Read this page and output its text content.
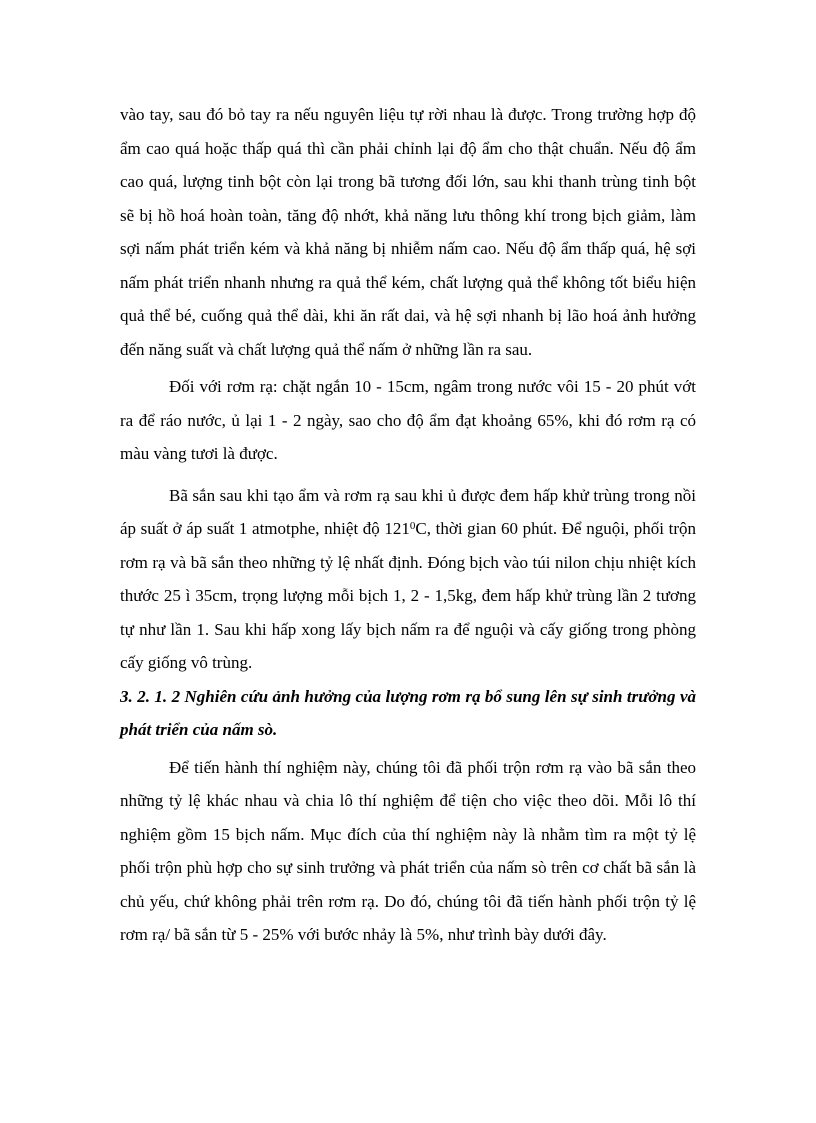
vào tay, sau đó bỏ tay ra nếu nguyên liệu tự rời nhau là được. Trong trường hợp độ ẩm cao quá hoặc thấp quá thì cần phải chỉnh lại độ ẩm cho thật chuẩn. Nếu độ ẩm cao quá, lượng tinh bột còn lại trong bã tương đối lớn, sau khi thanh trùng tinh bột sẽ bị hồ hoá hoàn toàn, tăng độ nhớt, khả năng lưu thông khí trong bịch giảm, làm sợi nấm phát triển kém và khả năng bị nhiễm nấm cao. Nếu độ ẩm thấp quá, hệ sợi nấm phát triển nhanh nhưng ra quả thể kém, chất lượng quả thể không tốt biểu hiện quả thể bé, cuống quả thể dài, khi ăn rất dai, và hệ sợi nhanh bị lão hoá ảnh hưởng đến năng suất và chất lượng quả thể nấm ở những lần ra sau.

Đối với rơm rạ: chặt ngắn 10 - 15cm, ngâm trong nước vôi 15 - 20 phút vớt ra để ráo nước, ủ lại 1 - 2 ngày, sao cho độ ẩm đạt khoảng 65%, khi đó rơm rạ có màu vàng tươi là được.

Bã sắn sau khi tạo ẩm và rơm rạ sau khi ủ được đem hấp khử trùng trong nồi áp suất ở áp suất 1 atmotphe, nhiệt độ $121^0C$, thời gian 60 phút. Để nguội, phối trộn rơm rạ và bã sắn theo những tỷ lệ nhất định. Đóng bịch vào túi nilon chịu nhiệt kích thước 25 ì 35cm, trọng lượng mỗi bịch 1, 2 - 1,5kg, đem hấp khử trùng lần 2 tương tự như lần 1. Sau khi hấp xong lấy bịch nấm ra để nguội và cấy giống trong phòng cấy giống vô trùng.

3. 2. 1. 2 Nghiên cứu ảnh hưởng của lượng rơm rạ bổ sung lên sự sinh trưởng và phát triển của nấm sò.

Để tiến hành thí nghiệm này, chúng tôi đã phối trộn rơm rạ vào bã sắn theo những tỷ lệ khác nhau và chia lô thí nghiệm để tiện cho việc theo dõi. Mỗi lô thí nghiệm gồm 15 bịch nấm. Mục đích của thí nghiệm này là nhằm tìm ra một tỷ lệ phối trộn phù hợp cho sự sinh trưởng và phát triển của nấm sò trên cơ chất bã sắn là chủ yếu, chứ không phải trên rơm rạ. Do đó, chúng tôi đã tiến hành phối trộn tỷ lệ rơm rạ/ bã sắn từ 5 - 25% với bước nhảy là 5%, như trình bày dưới đây.
